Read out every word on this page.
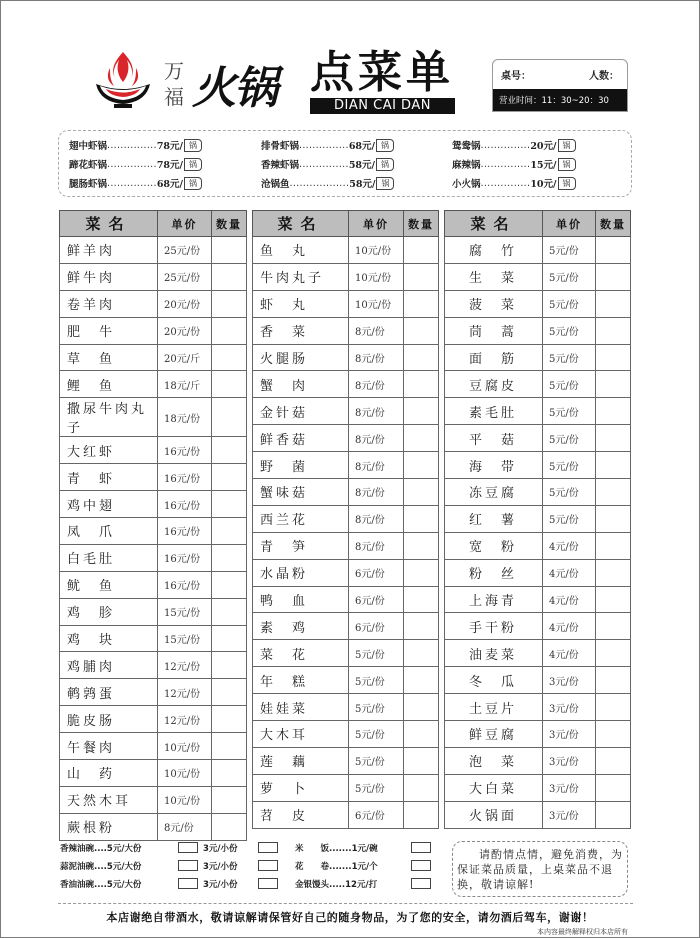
万
福 火锅 点菜单
DIAN CAI DAN
桌号：	人数：
营业时间：11：30~20：30
翅中虾锅 ............... 78元/ 锅
蹄花虾锅 ............... 78元/ 锅
腿肠虾锅 ............... 68元/ 锅
排骨虾锅 ............... 68元/ 锅
香辣虾锅 ............... 58元/ 锅
沧锅鱼 .................. 58元/ 锅
鸳鸯锅 ............... 20元/ 锅
麻辣锅 ............... 15元/ 锅
小火锅 ............... 10元/ 锅
菜名	单价	数量
鲜羊肉	25元/份	
鲜牛肉	25元/份	
卷羊肉	20元/份	
肥　牛	20元/份	
草　鱼	20元/斤	
鲤　鱼	18元/斤	
撒尿牛肉丸子	18元/份	
大红虾	16元/份	
青　虾	16元/份	
鸡中翅	16元/份	
凤　爪	16元/份	
白毛肚	16元/份	
鱿　鱼	16元/份	
鸡　胗	15元/份	
鸡　块	15元/份	
鸡脯肉	12元/份	
鹌鹑蛋	12元/份	
脆皮肠	12元/份	
午餐肉	10元/份	
山　药	10元/份	
天然木耳	10元/份	
蕨根粉	8元/份	
菜名	单价	数量
鱼　丸	10元/份	
牛肉丸子	10元/份	
虾　丸	10元/份	
香　菜	8元/份	
火腿肠	8元/份	
蟹　肉	8元/份	
金针菇	8元/份	
鲜香菇	8元/份	
野　菌	8元/份	
蟹味菇	8元/份	
西兰花	8元/份	
青　笋	8元/份	
水晶粉	6元/份	
鸭　血	6元/份	
素　鸡	6元/份	
菜　花	5元/份	
年　糕	5元/份	
娃娃菜	5元/份	
大木耳	5元/份	
莲　藕	5元/份	
萝　卜	5元/份	
苕　皮	6元/份	
菜名	单价	数量
腐　竹	5元/份	
生　菜	5元/份	
菠　菜	5元/份	
茼　蒿	5元/份	
面　筋	5元/份	
豆腐皮	5元/份	
素毛肚	5元/份	
平　菇	5元/份	
海　带	5元/份	
冻豆腐	5元/份	
红　薯	5元/份	
宽　粉	4元/份	
粉　丝	4元/份	
上海青	4元/份	
手干粉	4元/份	
油麦菜	4元/份	
冬　瓜	3元/份	
土豆片	3元/份	
鲜豆腐	3元/份	
泡　菜	3元/份	
大白菜	3元/份	
火锅面	3元/份	
香辣油碗....5元/大份	3元/小份	米　　饭.......1元/碗
蒜泥油碗....5元/大份	3元/小份	花　　卷.......1元/个
香油油碗....5元/大份	3元/小份	金银馒头.....12元/打
请酌情点情，避免消费，为保证菜品质量，上桌菜品不退换，敬请谅解!
本店谢绝自带酒水，敬请谅解请保管好自己的随身物品，为了您的安全，请勿酒后驾车，谢谢！
本内容最终解释权归本店所有
